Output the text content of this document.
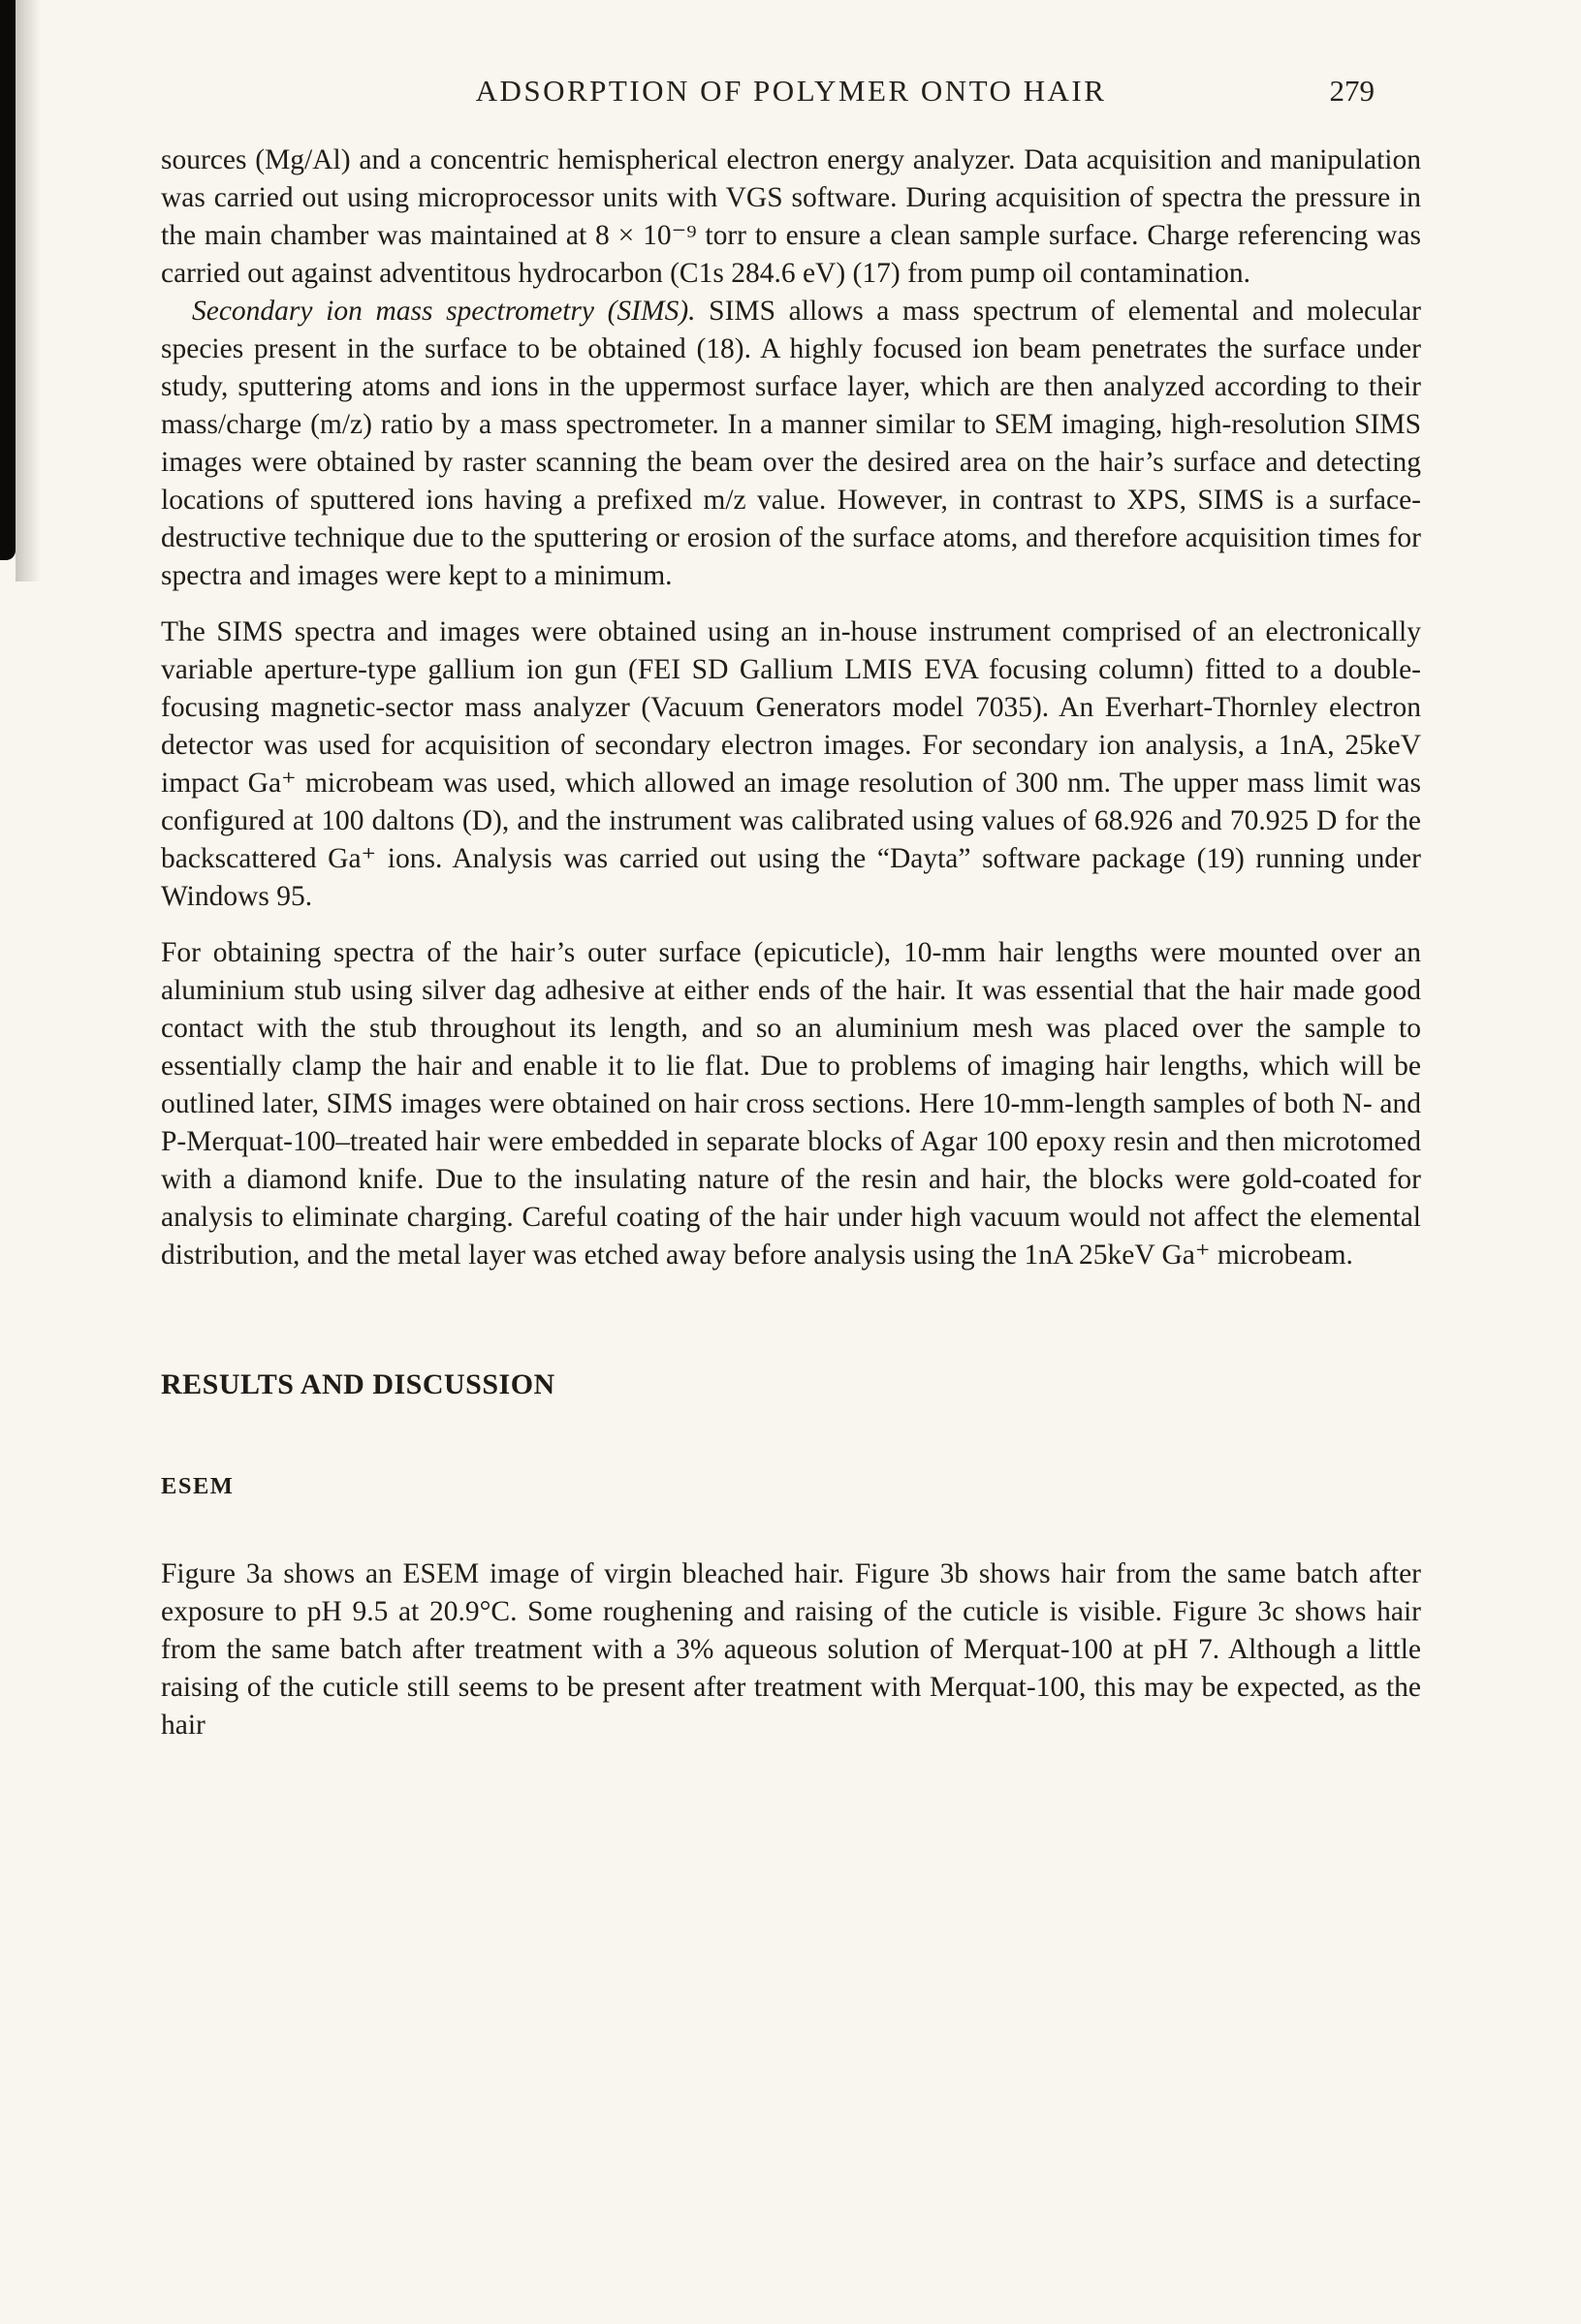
ADSORPTION OF POLYMER ONTO HAIR	279

sources (Mg/Al) and a concentric hemispherical electron energy analyzer. Data acquisition and manipulation was carried out using microprocessor units with VGS software. During acquisition of spectra the pressure in the main chamber was maintained at 8 × 10⁻⁹ torr to ensure a clean sample surface. Charge referencing was carried out against adventitous hydrocarbon (C1s 284.6 eV) (17) from pump oil contamination.

Secondary ion mass spectrometry (SIMS). SIMS allows a mass spectrum of elemental and molecular species present in the surface to be obtained (18). A highly focused ion beam penetrates the surface under study, sputtering atoms and ions in the uppermost surface layer, which are then analyzed according to their mass/charge (m/z) ratio by a mass spectrometer. In a manner similar to SEM imaging, high-resolution SIMS images were obtained by raster scanning the beam over the desired area on the hair’s surface and detecting locations of sputtered ions having a prefixed m/z value. However, in contrast to XPS, SIMS is a surface-destructive technique due to the sputtering or erosion of the surface atoms, and therefore acquisition times for spectra and images were kept to a minimum.

The SIMS spectra and images were obtained using an in-house instrument comprised of an electronically variable aperture-type gallium ion gun (FEI SD Gallium LMIS EVA focusing column) fitted to a double-focusing magnetic-sector mass analyzer (Vacuum Generators model 7035). An Everhart-Thornley electron detector was used for acquisition of secondary electron images. For secondary ion analysis, a 1nA, 25keV impact Ga⁺ microbeam was used, which allowed an image resolution of 300 nm. The upper mass limit was configured at 100 daltons (D), and the instrument was calibrated using values of 68.926 and 70.925 D for the backscattered Ga⁺ ions. Analysis was carried out using the “Dayta” software package (19) running under Windows 95.

For obtaining spectra of the hair’s outer surface (epicuticle), 10-mm hair lengths were mounted over an aluminium stub using silver dag adhesive at either ends of the hair. It was essential that the hair made good contact with the stub throughout its length, and so an aluminium mesh was placed over the sample to essentially clamp the hair and enable it to lie flat. Due to problems of imaging hair lengths, which will be outlined later, SIMS images were obtained on hair cross sections. Here 10-mm-length samples of both N- and P-Merquat-100–treated hair were embedded in separate blocks of Agar 100 epoxy resin and then microtomed with a diamond knife. Due to the insulating nature of the resin and hair, the blocks were gold-coated for analysis to eliminate charging. Careful coating of the hair under high vacuum would not affect the elemental distribution, and the metal layer was etched away before analysis using the 1nA 25keV Ga⁺ microbeam.

RESULTS AND DISCUSSION
ESEM

Figure 3a shows an ESEM image of virgin bleached hair. Figure 3b shows hair from the same batch after exposure to pH 9.5 at 20.9°C. Some roughening and raising of the cuticle is visible. Figure 3c shows hair from the same batch after treatment with a 3% aqueous solution of Merquat-100 at pH 7. Although a little raising of the cuticle still seems to be present after treatment with Merquat-100, this may be expected, as the hair
